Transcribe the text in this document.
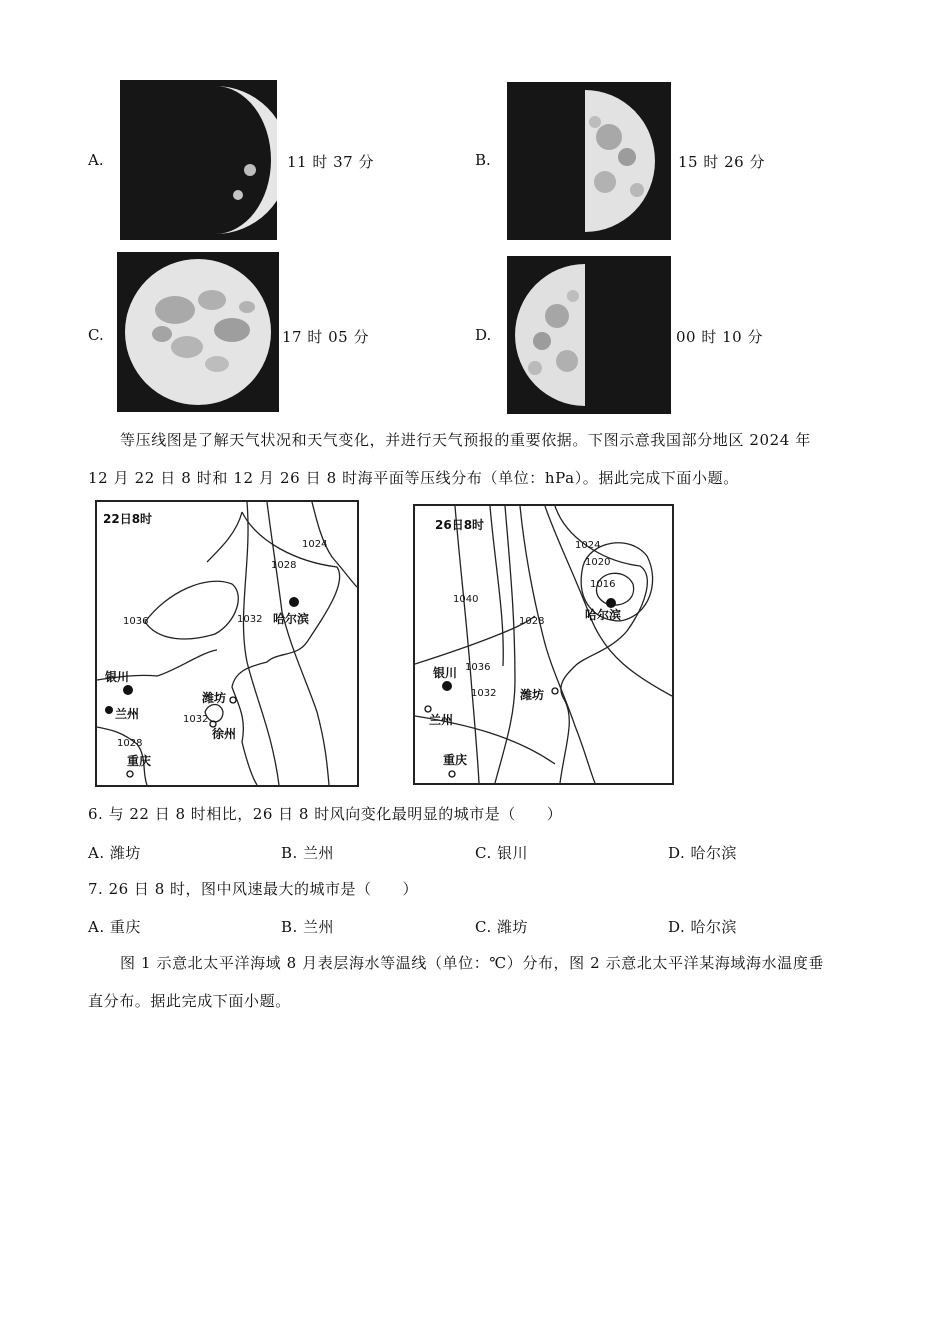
A.	11 时 37 分	B.	15 时 26 分
C.	17 时 05 分	D.	00 时 10 分
等压线图是了解天气状况和天气变化，并进行天气预报的重要依据。下图示意我国部分地区 2024 年
12 月 22 日 8 时和 12 月 26 日 8 时海平面等压线分布（单位：hPa）。据此完成下面小题。
22日8时
1036	1032
1028
1024
1032
1028
哈尔滨
银川
潍坊
兰州
徐州
重庆
26日8时
1040
1036
1032
1028
1024
1020
1016
哈尔滨
银川
潍坊
兰州
重庆
6. 与 22 日 8 时相比，26 日 8 时风向变化最明显的城市是（　　）
A. 潍坊	B. 兰州	C. 银川	D. 哈尔滨
7. 26 日 8 时，图中风速最大的城市是（　　）
A. 重庆	B. 兰州	C. 潍坊	D. 哈尔滨
图 1 示意北太平洋海域 8 月表层海水等温线（单位：℃）分布，图 2 示意北太平洋某海域海水温度垂
直分布。据此完成下面小题。
